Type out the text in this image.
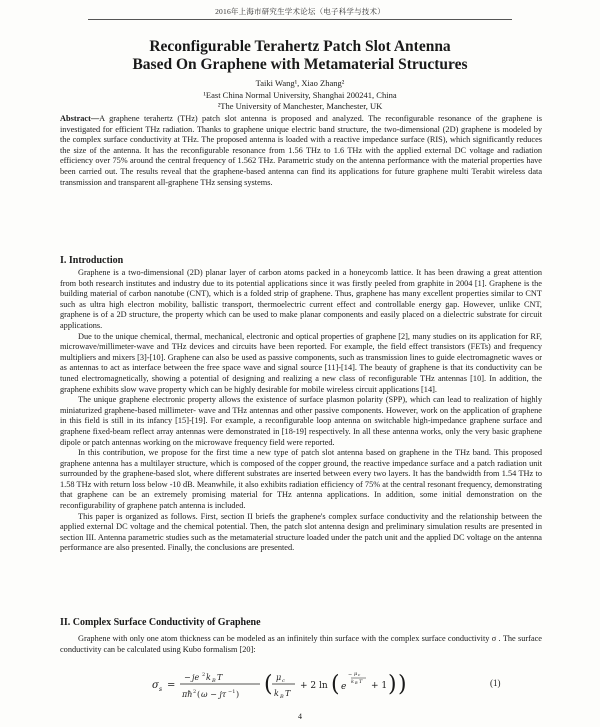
2016年上海市研究生学术论坛（电子科学与技术）
Reconfigurable Terahertz Patch Slot Antenna
Based On Graphene with Metamaterial Structures
Taiki Wang¹, Xiao Zhang²
¹East China Normal University, Shanghai 200241, China
²The University of Manchester, Manchester, UK
Abstract—A graphene terahertz (THz) patch slot antenna is proposed and analyzed. The reconfigurable resonance of the graphene is investigated for efficient THz radiation. Thanks to graphene unique electric band structure, the two-dimensional (2D) graphene is modeled by the complex surface conductivity at THz. The proposed antenna is loaded with a reactive impedance surface (RIS), which significantly reduces the size of the antenna. It has the reconfigurable resonance from 1.56 THz to 1.6 THz with the applied external DC voltage and radiation efficiency over 75% around the central frequency of 1.562 THz. Parametric study on the antenna performance with the material properties have been carried out. The results reveal that the graphene-based antenna can find its applications for future graphene multi Terabit wireless data transmission and transparent all-graphene THz sensing systems.
I. Introduction

Graphene is a two-dimensional (2D) planar layer of carbon atoms packed in a honeycomb lattice. It has been drawing a great attention from both research institutes and industry due to its potential applications since it was firstly peeled from graphite in 2004 [1]. Graphene is the building material of carbon nanotube (CNT), which is a folded strip of graphene. Thus, graphene has many excellent properties similar to CNT such as ultra high electron mobility, ballistic transport, thermoelectric current effect and controllable energy gap. However, unlike CNT, graphene is of a 2D structure, the property which can be used to make planar components and easily placed on a dielectric substrate for circuit applications.

Due to the unique chemical, thermal, mechanical, electronic and optical properties of graphene [2], many studies on its application for RF, microwave/millimeter-wave and THz devices and circuits have been reported. For example, the field effect transistors (FETs) and frequency multipliers and mixers [3]-[10]. Graphene can also be used as passive components, such as transmission lines to guide electromagnetic waves or as antennas to act as interface between the free space wave and signal source [11]-[14]. The beauty of graphene is that its conductivity can be tuned electromagnetically, showing a potential of designing and realizing a new class of reconfigurable THz antennas [10]. In addition, the graphene exhibits slow wave property which can be highly desirable for mobile wireless circuit applications [14].

The unique graphene electronic property allows the existence of surface plasmon polarity (SPP), which can lead to realization of highly miniaturized graphene-based millimeter- wave and THz antennas and other passive components. However, work on the application of graphene in this field is still in its infancy [15]-[19]. For example, a reconfigurable loop antenna on switchable high-impedance graphene surface and graphene fixed-beam reflect array antennas were demonstrated in [18-19] respectively. In all these antenna works, only the very basic graphene dipole or patch antennas working on the microwave frequency field were reported.

In this contribution, we propose for the first time a new type of patch slot antenna based on graphene in the THz band. This proposed graphene antenna has a multilayer structure, which is composed of the copper ground, the reactive impedance surface and a patch radiation unit surrounded by the graphene-based slot, where different substrates are inserted between every two layers. It has the bandwidth from 1.54 THz to 1.58 THz with return loss below -10 dB. Meanwhile, it also exhibits radiation efficiency of 75% at the central resonant frequency, demonstrating that graphene can be an extremely promising material for THz antenna applications. In addition, some initial demonstration on the reconfigurability of graphene patch antenna is included.

This paper is organized as follows. First, section II briefs the graphene's complex surface conductivity and the relationship between the applied external DC voltage and the chemical potential. Then, the patch slot antenna design and preliminary simulation results are presented in section III. Antenna parametric studies such as the metamaterial structure loaded under the patch unit and the applied DC voltage on the antenna performance are also presented. Finally, the conclusions are presented.

II. Complex Surface Conductivity of Graphene

Graphene with only one atom thickness can be modeled as an infinitely thin surface with the complex surface conductivity σ . The surface conductivity can be calculated using Kubo formalism [20]:

σ s =
− je 2 k B T
πħ 2 ( ω − jτ −1 ) ( μ c
k B T
+ 2 ln ( e
− μ c
k B T + 1 ) )	(1)
4
